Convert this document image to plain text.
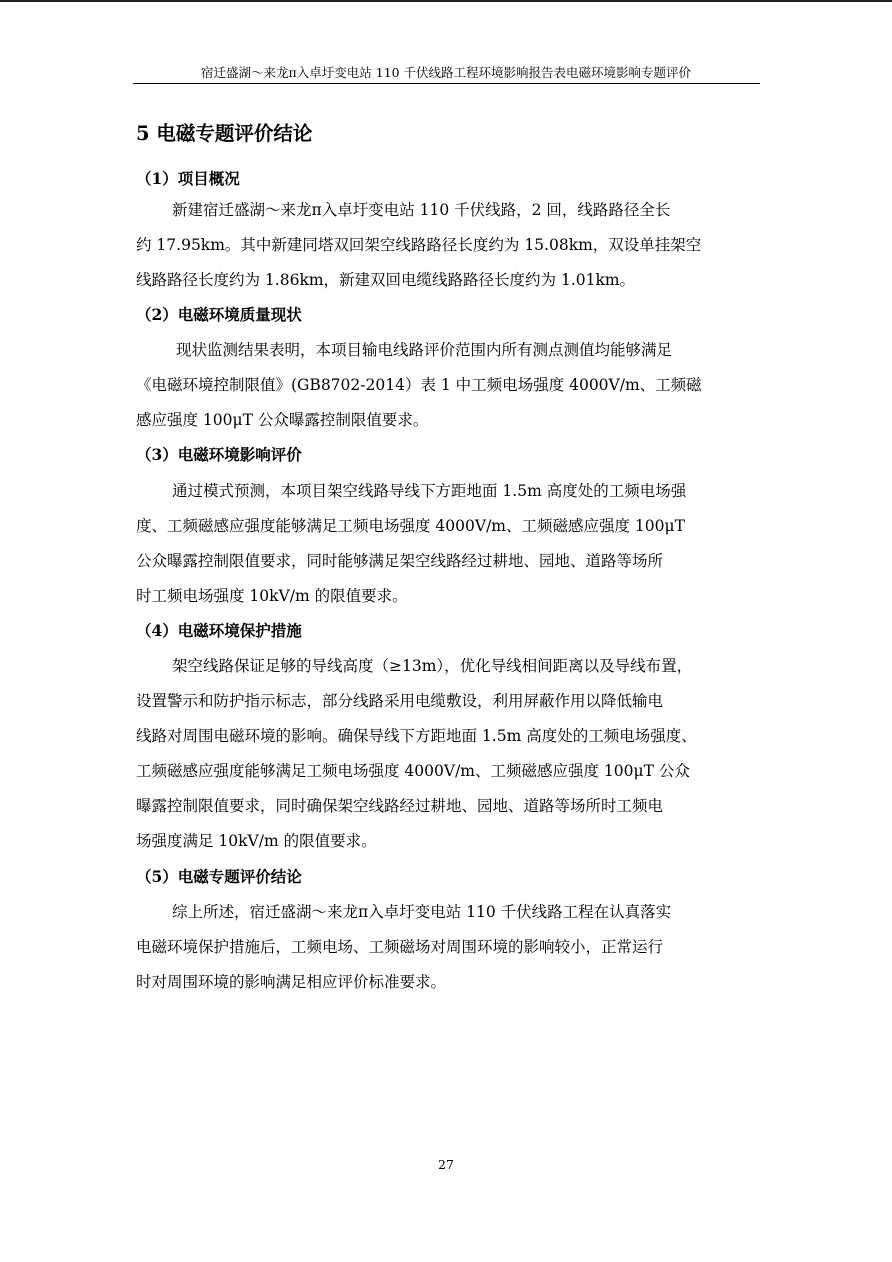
宿迁盛湖～来龙π入卓圩变电站 110 千伏线路工程环境影响报告表电磁环境影响专题评价
5 电磁专题评价结论
（1）项目概况
新建宿迁盛湖～来龙π入卓圩变电站 110 千伏线路，2 回，线路路径全长
约 17.95km。其中新建同塔双回架空线路路径长度约为 15.08km，双设单挂架空
线路路径长度约为 1.86km，新建双回电缆线路路径长度约为 1.01km。
（2）电磁环境质量现状
现状监测结果表明，本项目输电线路评价范围内所有测点测值均能够满足
《电磁环境控制限值》(GB8702-2014）表 1 中工频电场强度 4000V/m、工频磁
感应强度 100μT 公众曝露控制限值要求。
（3）电磁环境影响评价
通过模式预测，本项目架空线路导线下方距地面 1.5m 高度处的工频电场强
度、工频磁感应强度能够满足工频电场强度 4000V/m、工频磁感应强度 100μT
公众曝露控制限值要求，同时能够满足架空线路经过耕地、园地、道路等场所
时工频电场强度 10kV/m 的限值要求。
（4）电磁环境保护措施
架空线路保证足够的导线高度（≥13m），优化导线相间距离以及导线布置，
设置警示和防护指示标志，部分线路采用电缆敷设，利用屏蔽作用以降低输电
线路对周围电磁环境的影响。确保导线下方距地面 1.5m 高度处的工频电场强度、
工频磁感应强度能够满足工频电场强度 4000V/m、工频磁感应强度 100μT 公众
曝露控制限值要求，同时确保架空线路经过耕地、园地、道路等场所时工频电
场强度满足 10kV/m 的限值要求。
（5）电磁专题评价结论
综上所述，宿迁盛湖～来龙π入卓圩变电站 110 千伏线路工程在认真落实
电磁环境保护措施后，工频电场、工频磁场对周围环境的影响较小，正常运行
时对周围环境的影响满足相应评价标准要求。
27
